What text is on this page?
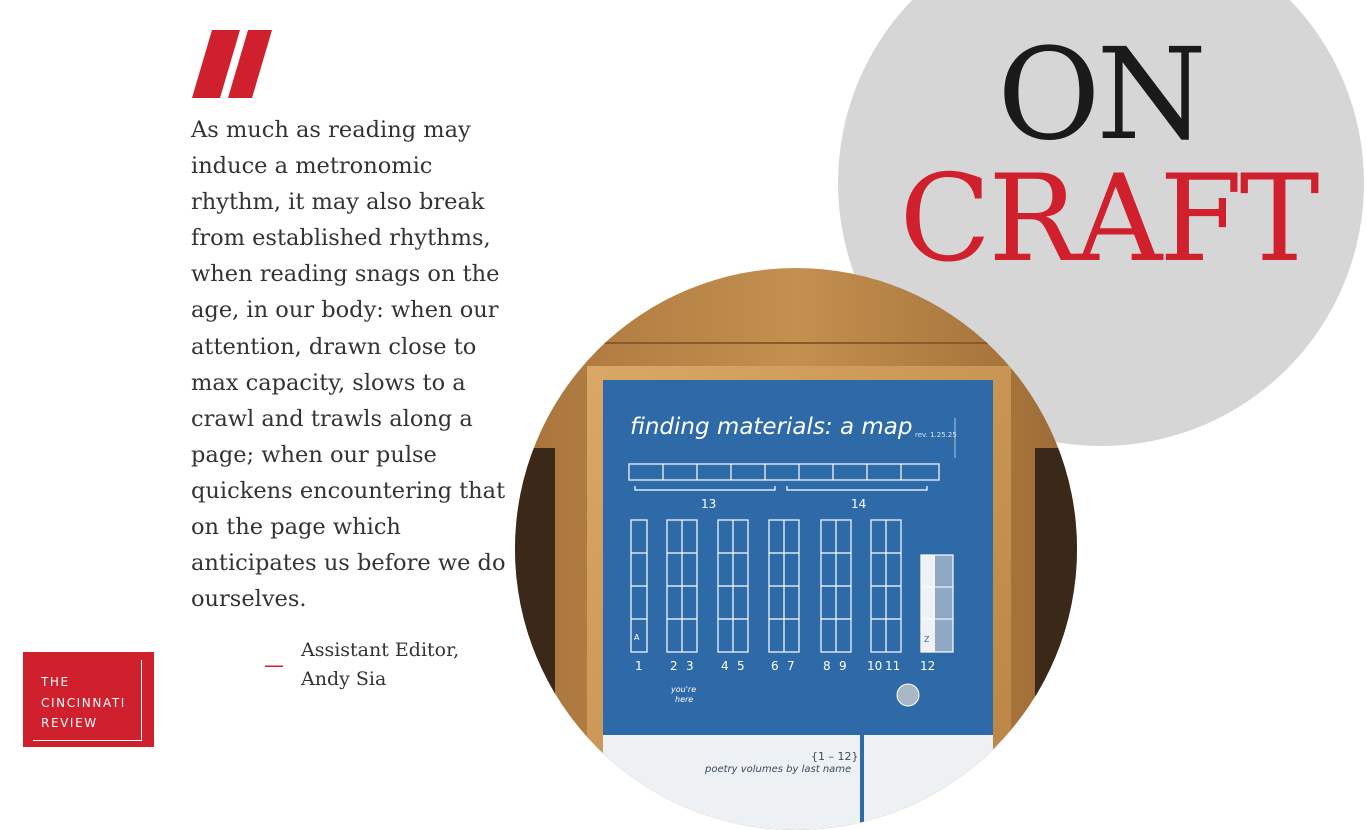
As much as reading may induce a metronomic rhythm, it may also break from established rhythms, when reading snags on the age, in our body: when our attention, drawn close to max capacity, slows to a crawl and trawls along a page; when our pulse quickens encountering that on the page which anticipates us before we do ourselves.

—
Assistant Editor,
Andy Sia
THE
CINCINNATI
REVIEW
ON
CRAFT
finding materials: a map rev. 1.25.25
13	14
A	Z
1 2 3 4 5 6 7 8 9 10 11 12
you're
here
{1 – 12}
poetry volumes by last name
